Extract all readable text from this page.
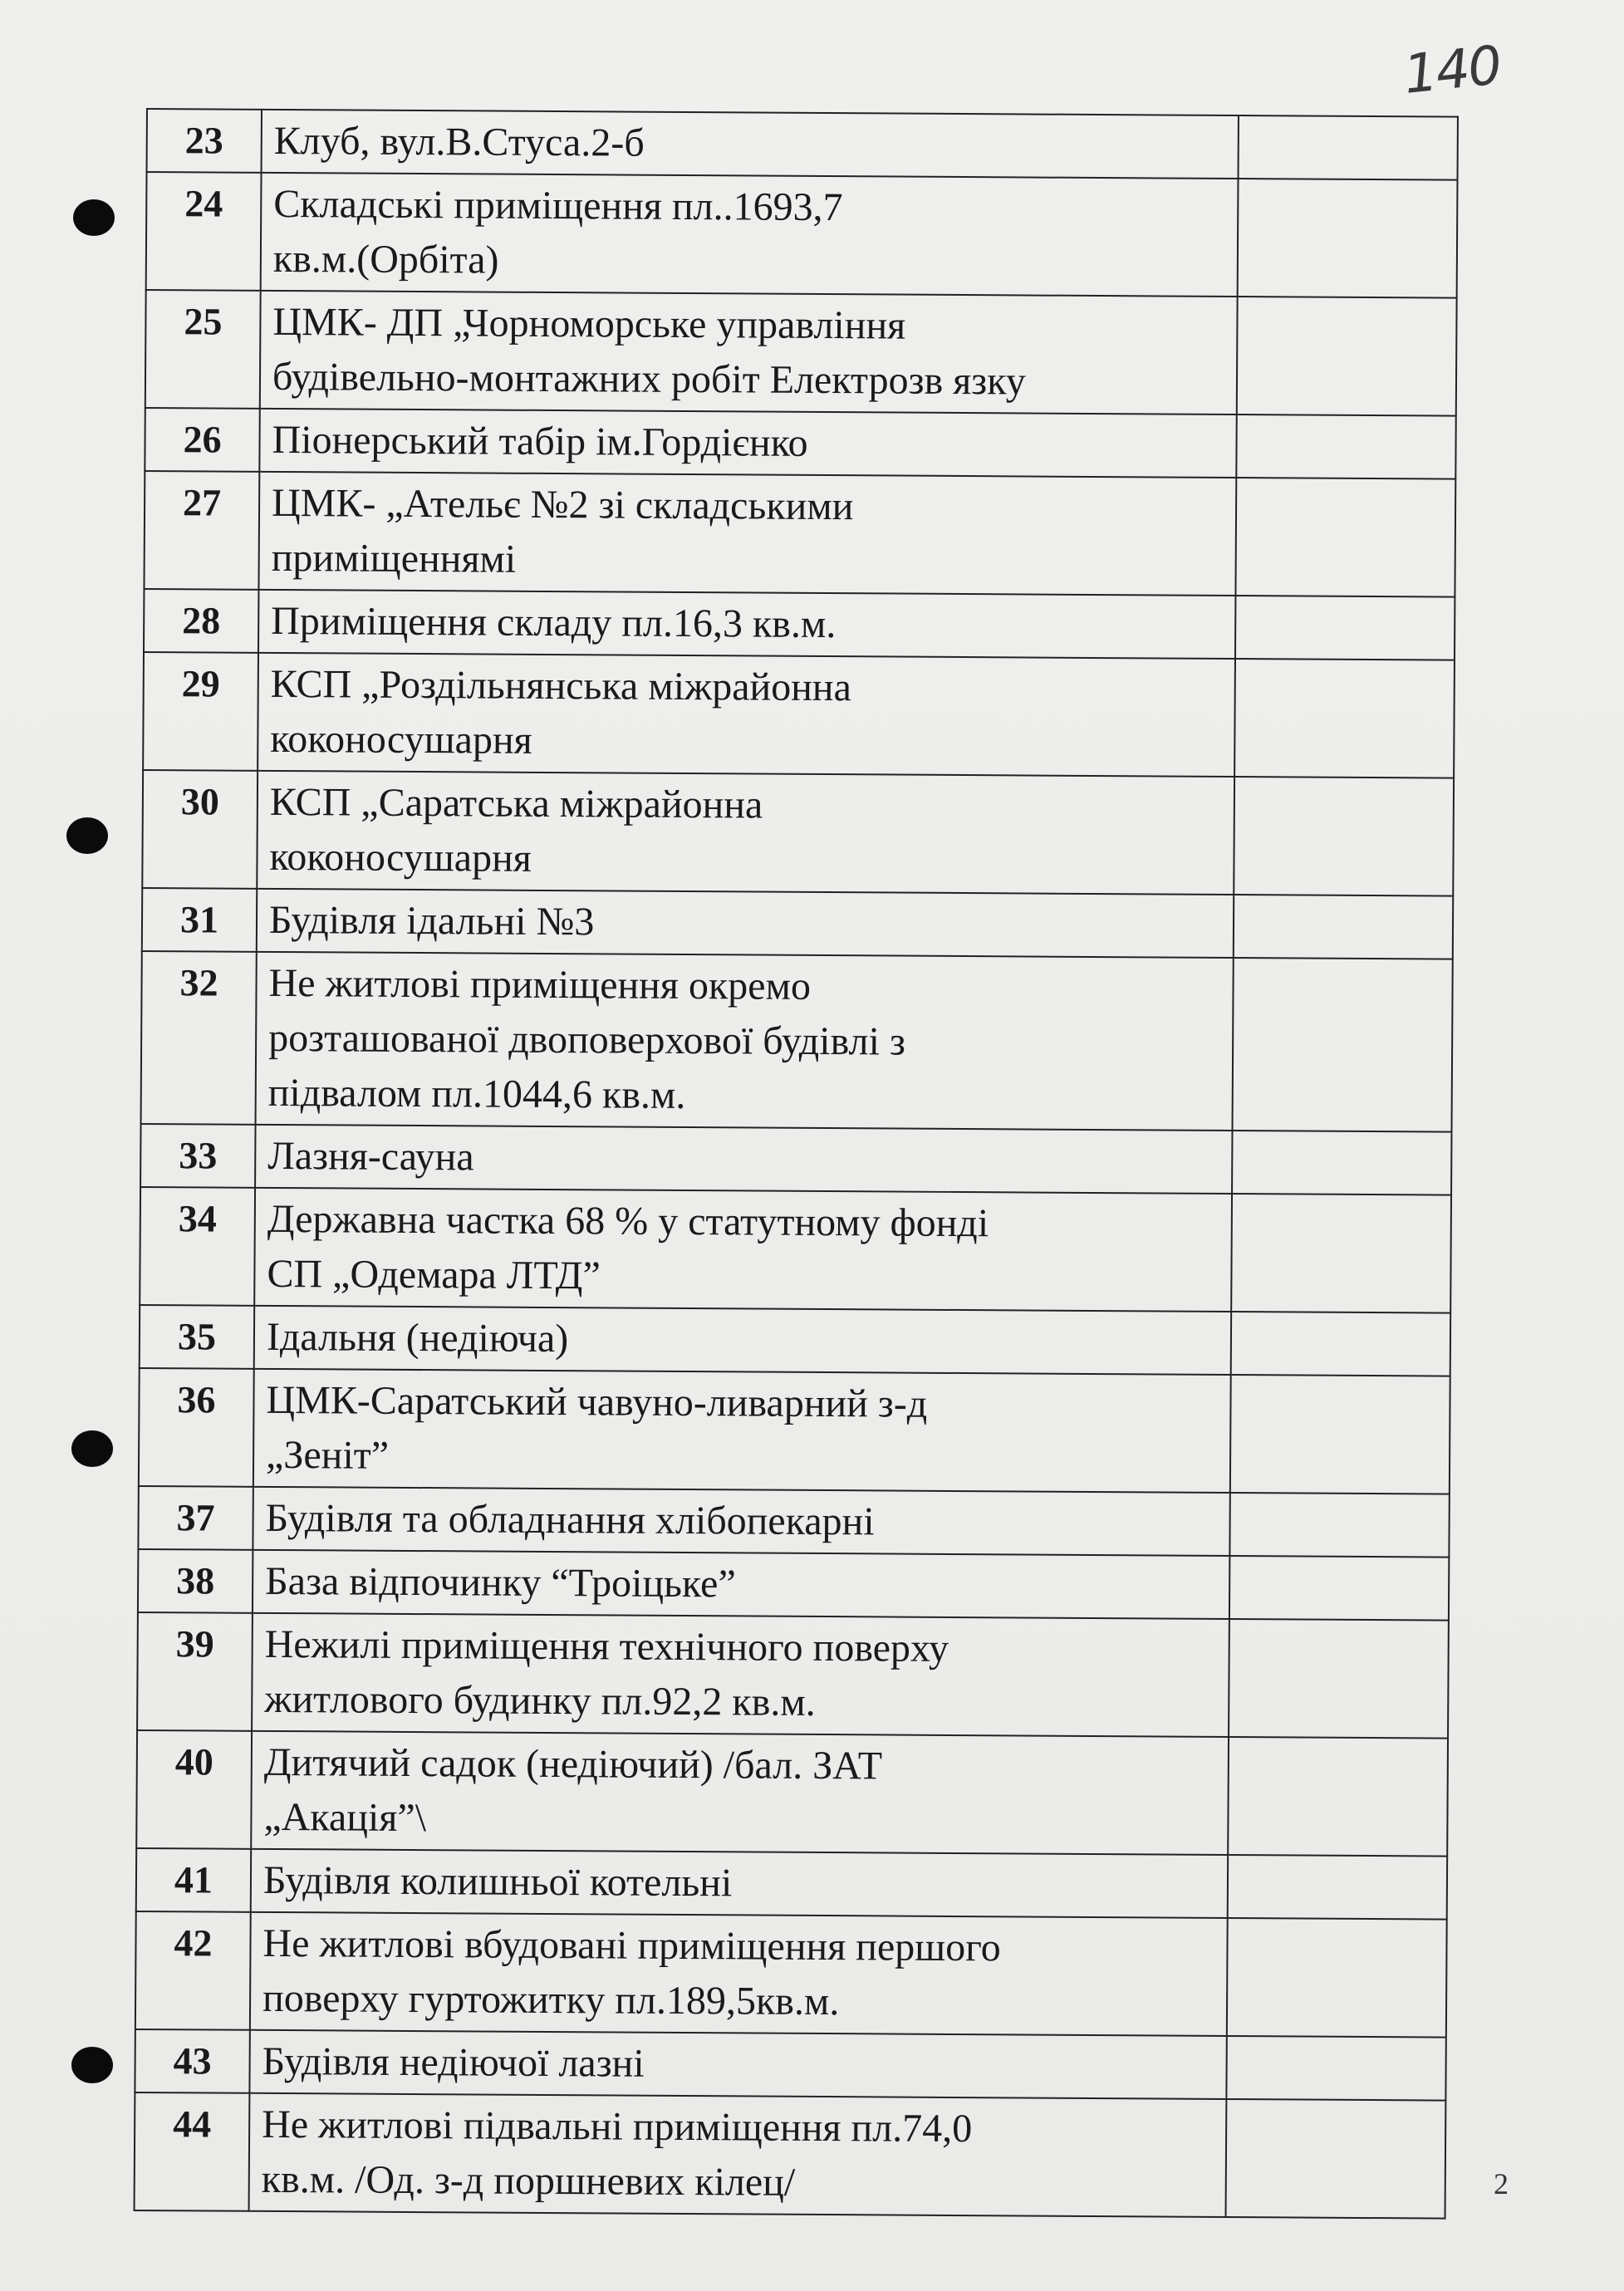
140
23	Клуб, вул.В.Стуса.2-б	
24	Складські приміщення пл..1693,7
кв.м.(Орбіта)	
25	ЦМК- ДП „Чорноморське управління
будівельно-монтажних робіт Електрозв язку	
26	Піонерський табір ім.Гордієнко	
27	ЦМК- „Ательє №2 зі складськими
приміщеннямі	
28	Приміщення складу пл.16,3 кв.м.	
29	КСП „Роздільнянська міжрайонна
коконосушарня	
30	КСП „Саратська міжрайонна
коконосушарня	
31	Будівля ідальні №3	
32	Не житлові приміщення окремо
розташованої двоповерхової будівлі з
підвалом пл.1044,6 кв.м.	
33	Лазня-сауна	
34	Державна частка 68 % у статутному фонді
СП „Одемара ЛТД”	
35	Ідальня (недіюча)	
36	ЦМК-Саратський чавуно-ливарний з-д
„Зеніт”	
37	Будівля та обладнання хлібопекарні	
38	База відпочинку “Троіцьке”	
39	Нежилі приміщення технічного поверху
житлового будинку пл.92,2 кв.м.	
40	Дитячий садок (недіючий) /бал. ЗАТ
„Акація”\	
41	Будівля колишньої котельні	
42	Не житлові вбудовані приміщення першого
поверху гуртожитку пл.189,5кв.м.	
43	Будівля недіючої лазні	
44	Не житлові підвальні приміщення пл.74,0
кв.м. /Од. з-д поршневих кілец/		2
